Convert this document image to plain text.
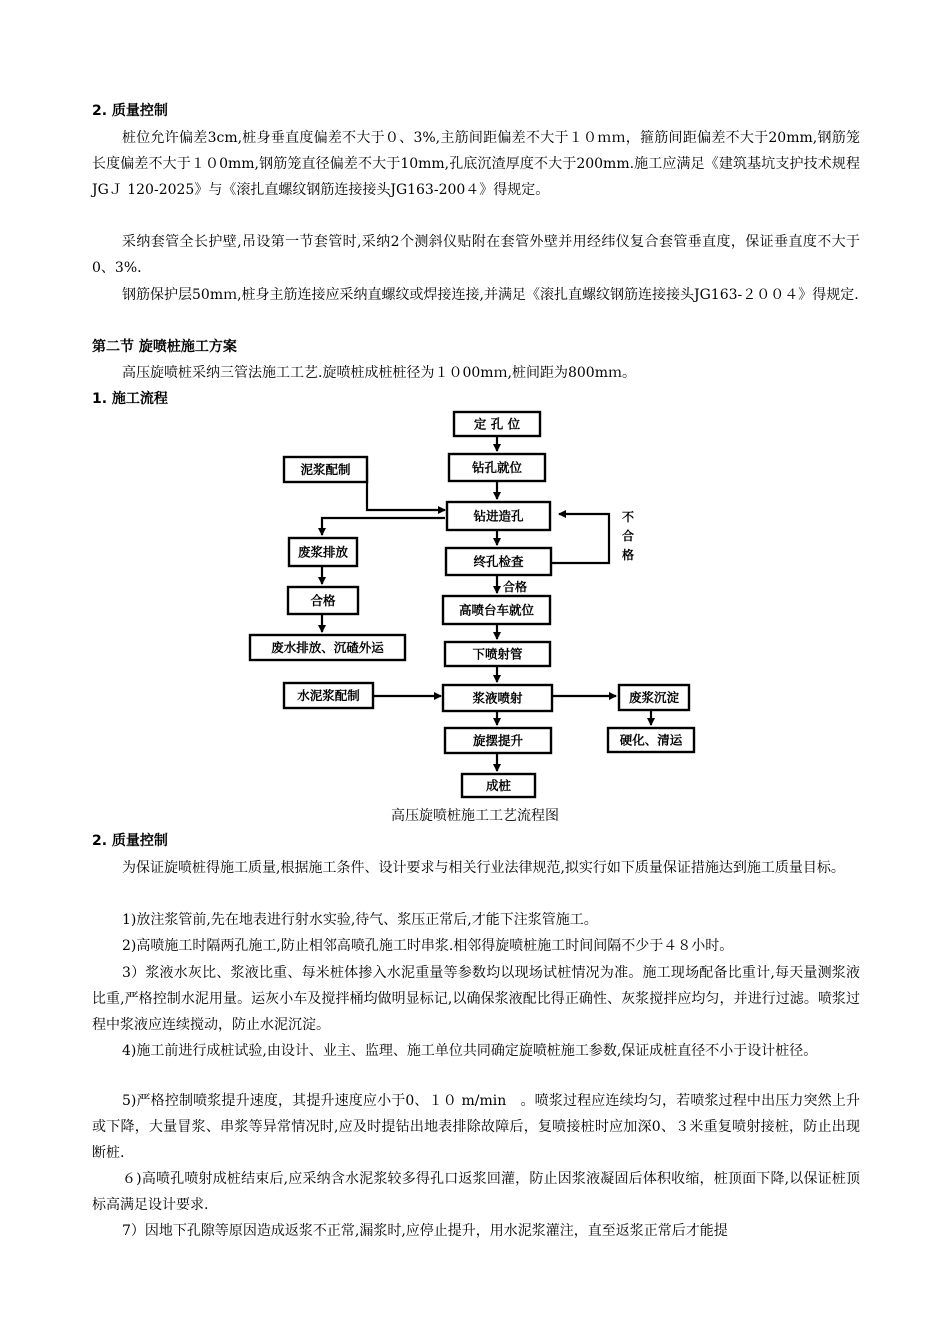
2. 质量控制
桩位允许偏差3cm,桩身垂直度偏差不大于０、3%,主筋间距偏差不大于１０ｍｍ，箍筋间距偏差不大于20mm,钢筋笼长度偏差不大于１０0mm,钢筋笼直径偏差不大于10mm,孔底沉渣厚度不大于200mm.施工应满足《建筑基坑支护技术规程JGＪ 120-2025》与《滚扎直螺纹钢筋连接接头JG163-200４》得规定。
采纳套管全长护壁,吊设第一节套管时,采纳2个测斜仪贴附在套管外壁并用经纬仪复合套管垂直度，保证垂直度不大于0、3%.
钢筋保护层50mｍ,桩身主筋连接应采纳直螺纹或焊接连接,并满足《滚扎直螺纹钢筋连接接头JG163-２００４》得规定.
第二节 旋喷桩施工方案
高压旋喷桩采纳三管法施工工艺.旋喷桩成桩桩径为１０00mｍ,桩间距为800mｍ。
1. 施工流程
定 孔 位
钻孔就位
钻进造孔
终孔检查
高喷台车就位
下喷射管
浆液喷射
旋摆提升
成桩
泥浆配制
废浆排放
合格
废水排放、沉碴外运
水泥浆配制	废浆沉淀
硬化、清运
不
合
格
合格
高压旋喷桩施工工艺流程图
2. 质量控制
为保证旋喷桩得施工质量,根据施工条件、设计要求与相关行业法律规范,拟实行如下质量保证措施达到施工质量目标。
1)放注浆管前,先在地表进行射水实验,待气、浆压正常后,才能下注浆管施工。
2)高喷施工时隔两孔施工,防止相邻高喷孔施工时串浆.相邻得旋喷桩施工时间间隔不少于４８小时。
3）浆液水灰比、浆液比重、每米桩体掺入水泥重量等参数均以现场试桩情况为准。施工现场配备比重计,每天量测浆液比重,严格控制水泥用量。运灰小车及搅拌桶均做明显标记,以确保浆液配比得正确性、灰浆搅拌应均匀，并进行过滤。喷浆过程中浆液应连续搅动，防止水泥沉淀。
4)施工前进行成桩试验,由设计、业主、监理、施工单位共同确定旋喷桩施工参数,保证成桩直径不小于设计桩径。
5)严格控制喷浆提升速度，其提升速度应小于0、１０ m/min　。喷浆过程应连续均匀，若喷浆过程中出压力突然上升或下降，大量冒浆、串浆等异常情况时,应及时提钻出地表排除故障后，复喷接桩时应加深0、３米重复喷射接桩，防止出现断桩.
６)高喷孔喷射成桩结束后,应采纳含水泥浆较多得孔口返浆回灌，防止因浆液凝固后体积收缩，桩顶面下降,以保证桩顶标高满足设计要求.
7）因地下孔隙等原因造成返浆不正常,漏浆时,应停止提升，用水泥浆灌注，直至返浆正常后才能提
